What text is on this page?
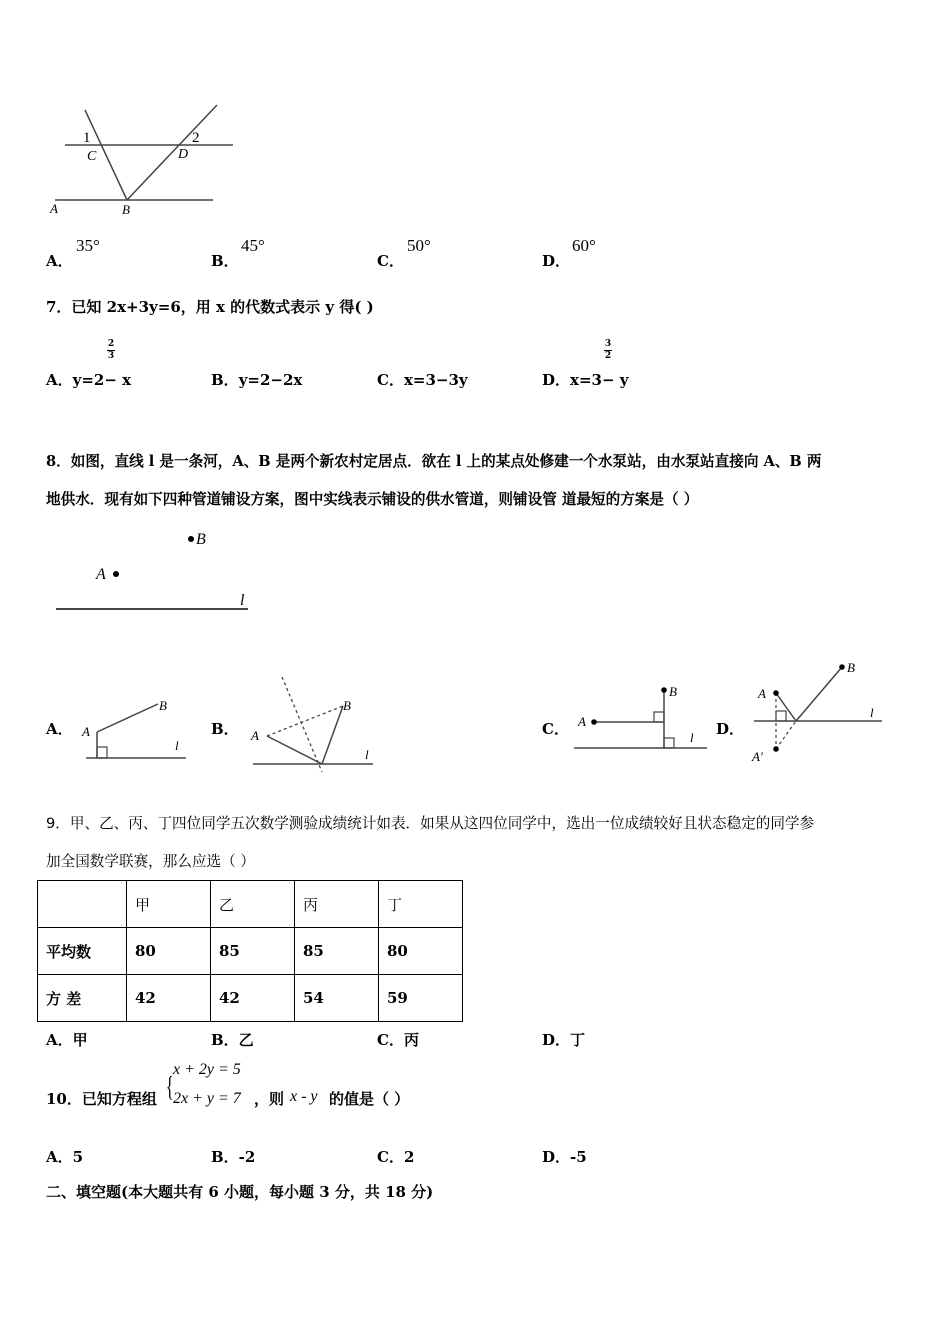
1	2
C	D
A	B
A．
35°
B．
45°
C．
50°
D．
60°
7．已知 2x+3y=6，用 x 的代数式表示 y 得( )
2
3
A．y=2− x	B．y=2−2x	C．x=3−3y
3
2
D．x=3− y
8．如图，直线 l 是一条河，A、B 是两个新农村定居点．欲在 l 上的某点处修建一个水泵站，由水泵站直接向 A、B 两
地供水．现有如下四种管道铺设方案，图中实线表示铺设的供水管道，则铺设管 道最短的方案是（ ）
A
B
l
A． A
B
l
B． A
B
l
C． A
B
l D．
A
B
l
A′
9．甲、乙、丙、丁四位同学五次数学测验成绩统计如表．如果从这四位同学中，选出一位成绩较好且状态稳定的同学参
加全国数学联赛，那么应选（ ）
	甲	乙	丙	丁
平均数	80	85	85	80
方 差	42	42	54	59
A．甲	B．乙	C．丙	D．丁
10．已知方程组 {
x + 2y = 5
2x + y = 7 ，则 x - y 的值是（ ）
A．5	B．-2	C．2	D．-5
二、填空题(本大题共有 6 小题，每小题 3 分，共 18 分)
